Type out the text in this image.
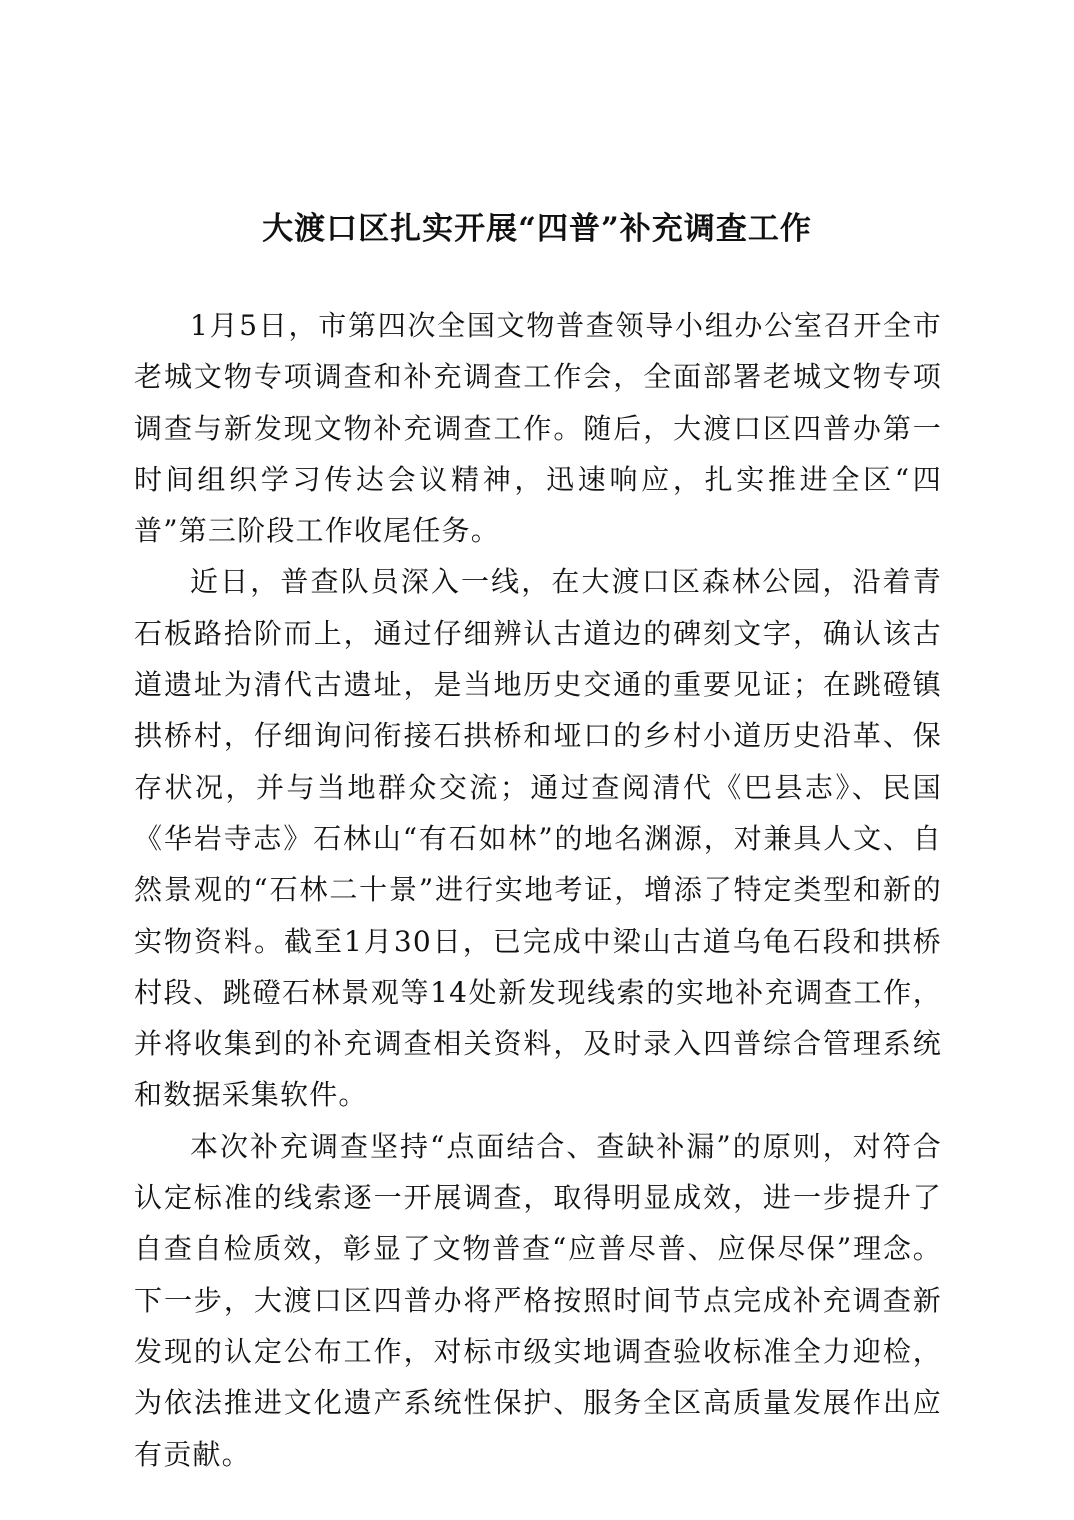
大渡口区扎实开展“四普”补充调查工作

1月5日，市第四次全国文物普查领导小组办公室召开全市老城文物专项调查和补充调查工作会，全面部署老城文物专项调查与新发现文物补充调查工作。随后，大渡口区四普办第一时间组织学习传达会议精神，迅速响应，扎实推进全区“四普”第三阶段工作收尾任务。

近日，普查队员深入一线，在大渡口区森林公园，沿着青石板路拾阶而上，通过仔细辨认古道边的碑刻文字，确认该古道遗址为清代古遗址，是当地历史交通的重要见证；在跳磴镇拱桥村，仔细询问衔接石拱桥和垭口的乡村小道历史沿革、保存状况，并与当地群众交流；通过查阅清代《巴县志》、民国《华岩寺志》石林山“有石如林”的地名渊源，对兼具人文、自然景观的“石林二十景”进行实地考证，增添了特定类型和新的实物资料。截至1月30日，已完成中梁山古道乌龟石段和拱桥村段、跳磴石林景观等14处新发现线索的实地补充调查工作，并将收集到的补充调查相关资料，及时录入四普综合管理系统和数据采集软件。

本次补充调查坚持“点面结合、查缺补漏”的原则，对符合认定标准的线索逐一开展调查，取得明显成效，进一步提升了自查自检质效，彰显了文物普查“应普尽普、应保尽保”理念。下一步，大渡口区四普办将严格按照时间节点完成补充调查新发现的认定公布工作，对标市级实地调查验收标准全力迎检，为依法推进文化遗产系统性保护、服务全区高质量发展作出应有贡献。
